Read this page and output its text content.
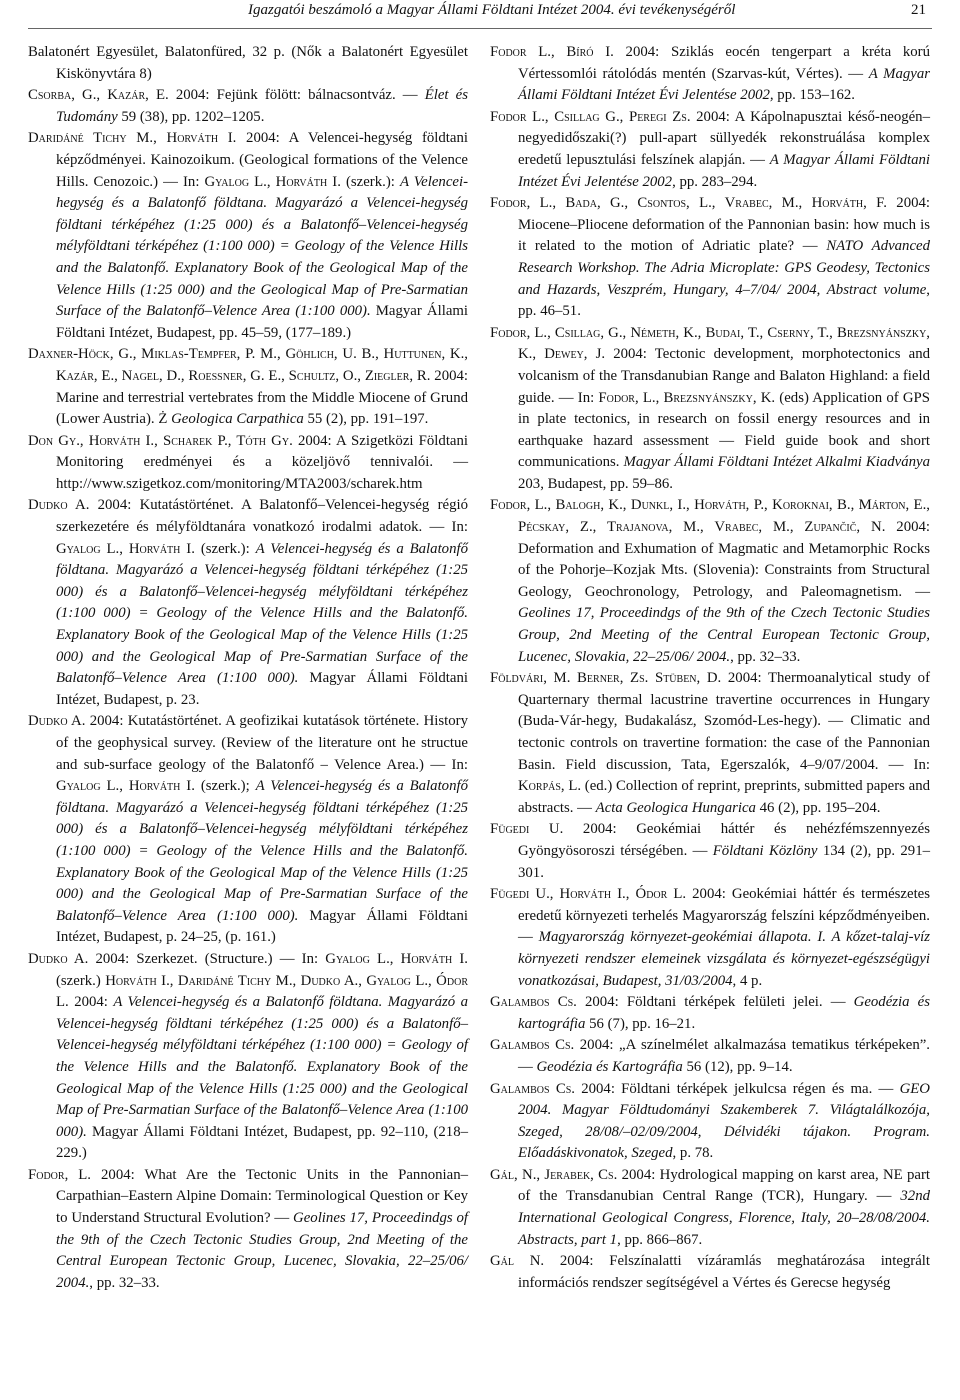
Igazgatói beszámoló a Magyar Állami Földtani Intézet 2004. évi tevékenységéről	21

Balatonért Egyesület, Balatonfüred, 32 p. (Nők a Balatonért Egyesület Kiskönyvtára 8)

Csorba, G., Kazár, E. 2004: Fejünk fölött: bálnacsontváz. — Élet és Tudomány 59 (38), pp. 1202–1205.

Daridáné Tichy M., Horváth I. 2004: A Velencei-hegység földtani képződményei. Kainozoikum. (Geological formations of the Velence Hills. Cenozoic.) — In: Gyalog L., Horváth I. (szerk.): A Velencei-hegység és a Balatonfő földtana. Magyarázó a Velencei-hegység földtani térképéhez (1:25 000) és a Balatonfő–Velencei-hegység mélyföldtani térképéhez (1:100 000) = Geology of the Velence Hills and the Balatonfő. Explanatory Book of the Geological Map of the Velence Hills (1:25 000) and the Geological Map of Pre-Sarmatian Surface of the Balatonfő–Velence Area (1:100 000). Magyar Állami Földtani Intézet, Budapest, pp. 45–59, (177–189.)

Daxner-Höck, G., Miklas-Tempfer, P. M., Göhlich, U. B., Huttunen, K., Kazár, E., Nagel, D., Roessner, G. E., Schultz, O., Ziegler, R. 2004: Marine and terrestrial vertebrates from the Middle Miocene of Grund (Lower Austria). Ż Geologica Carpathica 55 (2), pp. 191–197.

Don Gy., Horváth I., Scharek P., Tóth Gy. 2004: A Szigetközi Földtani Monitoring eredményei és a közeljövő tennivalói. — http://www.szigetkoz.com/monitoring/MTA2003/scharek.htm

Dudko A. 2004: Kutatástörténet. A Balatonfő–Velencei-hegység régió szerkezetére és mélyföldtanára vonatkozó irodalmi adatok. — In: Gyalog L., Horváth I. (szerk.): A Velencei-hegység és a Balatonfő földtana. Magyarázó a Velencei-hegység földtani térképéhez (1:25 000) és a Balatonfő–Velencei-hegység mélyföldtani térképéhez (1:100 000) = Geology of the Velence Hills and the Balatonfő. Explanatory Book of the Geological Map of the Velence Hills (1:25 000) and the Geological Map of Pre-Sarmatian Surface of the Balatonfő–Velence Area (1:100 000). Magyar Állami Földtani Intézet, Budapest, p. 23.

Dudko A. 2004: Kutatástörténet. A geofizikai kutatások története. History of the geophysical survey. (Review of the literature ont he structue and sub-surface geology of the Balatonfő – Velence Area.) — In: Gyalog L., Horváth I. (szerk.); A Velencei-hegység és a Balatonfő földtana. Magyarázó a Velencei-hegység földtani térképéhez (1:25 000) és a Balatonfő–Velencei-hegység mélyföldtani térképéhez (1:100 000) = Geology of the Velence Hills and the Balatonfő. Explanatory Book of the Geological Map of the Velence Hills (1:25 000) and the Geological Map of Pre-Sarmatian Surface of the Balatonfő–Velence Area (1:100 000). Magyar Állami Földtani Intézet, Budapest, p. 24–25, (p. 161.)

Dudko A. 2004: Szerkezet. (Structure.) — In: Gyalog L., Horváth I. (szerk.) Horváth I., Daridáné Tichy M., Dudko A., Gyalog L., Ódor L. 2004: A Velencei-hegység és a Balatonfő földtana. Magyarázó a Velencei-hegység földtani térképéhez (1:25 000) és a Balatonfő–Velencei-hegység mélyföldtani térképéhez (1:100 000) = Geology of the Velence Hills and the Balatonfő. Explanatory Book of the Geological Map of the Velence Hills (1:25 000) and the Geological Map of Pre-Sarmatian Surface of the Balatonfő–Velence Area (1:100 000). Magyar Állami Földtani Intézet, Budapest, pp. 92–110, (218–229.)

Fodor, L. 2004: What Are the Tectonic Units in the Pannonian–Carpathian–Eastern Alpine Domain: Terminological Question or Key to Understand Structural Evolution? — Geolines 17, Proceedindgs of the 9th of the Czech Tectonic Studies Group, 2nd Meeting of the Central European Tectonic Group, Lucenec, Slovakia, 22–25/06/ 2004., pp. 32–33.

Fodor L., Bíró I. 2004: Sziklás eocén tengerpart a kréta korú Vértessomlói rátolódás mentén (Szarvas-kút, Vértes). — A Magyar Állami Földtani Intézet Évi Jelentése 2002, pp. 153–162.

Fodor L., Csillag G., Peregi Zs. 2004: A Kápolnapusztai késő-neogén–negyedidőszaki(?) pull-apart süllyedék rekonstruálása komplex eredetű lepusztulási felszínek alapján. — A Magyar Állami Földtani Intézet Évi Jelentése 2002, pp. 283–294.

Fodor, L., Bada, G., Csontos, L., Vrabec, M., Horváth, F. 2004: Miocene–Pliocene deformation of the Pannonian basin: how much is it related to the motion of Adriatic plate? — NATO Advanced Research Workshop. The Adria Microplate: GPS Geodesy, Tectonics and Hazards, Veszprém, Hungary, 4–7/04/ 2004, Abstract volume, pp. 46–51.

Fodor, L., Csillag, G., Németh, K., Budai, T., Cserny, T., Brezsnyánszky, K., Dewey, J. 2004: Tectonic development, morphotectonics and volcanism of the Transdanubian Range and Balaton Highland: a field guide. — In: Fodor, L., Brezsnyánszky, K. (eds) Application of GPS in plate tectonics, in research on fossil energy resources and in earthquake hazard assessment — Field guide book and short communications. Magyar Állami Földtani Intézet Alkalmi Kiadványa 203, Budapest, pp. 59–86.

Fodor, L., Balogh, K., Dunkl, I., Horváth, P., Koroknai, B., Márton, E., Pécskay, Z., Trajanova, M., Vrabec, M., Zupančič, N. 2004: Deformation and Exhumation of Magmatic and Metamorphic Rocks of the Pohorje–Kozjak Mts. (Slovenia): Constraints from Structural Geology, Geochronology, Petrology, and Paleomagnetism. — Geolines 17, Proceedindgs of the 9th of the Czech Tectonic Studies Group, 2nd Meeting of the Central European Tectonic Group, Lucenec, Slovakia, 22–25/06/ 2004., pp. 32–33.

Földvári, M. Berner, Zs. Stüben, D. 2004: Thermoanalytical study of Quarternary thermal lacustrine travertine occurrences in Hungary (Buda-Vár-hegy, Budakalász, Szomód-Les-hegy). — Climatic and tectonic controls on travertine formation: the case of the Pannonian Basin. Field discussion, Tata, Egerszalók, 4–9/07/2004. — In: Korpás, L. (ed.) Collection of reprint, preprints, submitted papers and abstracts. — Acta Geologica Hungarica 46 (2), pp. 195–204.

Fügedi U. 2004: Geokémiai háttér és nehézfémszennyezés Gyöngyösoroszi térségében. — Földtani Közlöny 134 (2), pp. 291–301.

Fügedi U., Horváth I., Ódor L. 2004: Geokémiai háttér és természetes eredetű környezeti terhelés Magyarország felszíni képződményeiben. — Magyarország környezet-geokémiai állapota. I. A kőzet-talaj-víz környezeti rendszer elemeinek vizsgálata és környezet-egészségügyi vonatkozásai, Budapest, 31/03/2004, 4 p.

Galambos Cs. 2004: Földtani térképek felületi jelei. — Geodézia és kartográfia 56 (7), pp. 16–21.

Galambos Cs. 2004: „A színelmélet alkalmazása tematikus térképeken”. — Geodézia és Kartográfia 56 (12), pp. 9–14.

Galambos Cs. 2004: Földtani térképek jelkulcsa régen és ma. — GEO 2004. Magyar Földtudományi Szakemberek 7. Világtalálkozója, Szeged, 28/08/–02/09/2004, Délvidéki tájakon. Program. Előadáskivonatok, Szeged, p. 78.

Gál, N., Jerabek, Cs. 2004: Hydrological mapping on karst area, NE part of the Transdanubian Central Range (TCR), Hungary. — 32nd International Geological Congress, Florence, Italy, 20–28/08/2004. Abstracts, part 1, pp. 866–867.

Gál N. 2004: Felszínalatti vízáramlás meghatározása integrált információs rendszer segítségével a Vértes és Gerecse hegység
